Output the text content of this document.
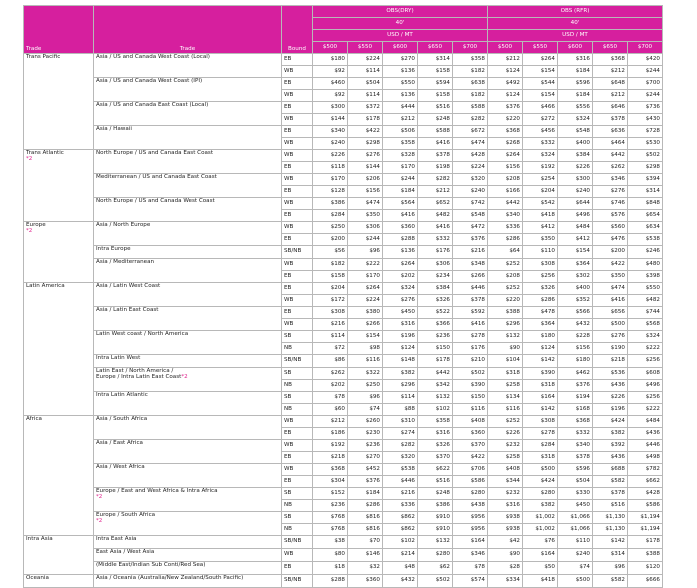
Trade	Trade	Bound	OBS(DRY)					OBS (RFR)				
			40'					40'				
			USD / MT					USD / MT				
			$500	$550	$600	$650	$700	$500	$550	$600	$650	$700

Trans Pacific	Asia / US and Canada West Coast (Local)	EB	$180	$224	$270	$314	$358	$212	$264	$316	$368	$420
		WB	$92	$114	$136	$158	$182	$124	$154	$184	$212	$244

	Asia / US and Canada West Coast (IPI)	EB	$460	$504	$550	$594	$638	$492	$544	$596	$648	$700
		WB	$92	$114	$136	$158	$182	$124	$154	$184	$212	$244

	Asia / US and Canada East Coast (Local)	EB	$300	$372	$444	$516	$588	$376	$466	$556	$646	$736
		WB	$144	$178	$212	$248	$282	$220	$272	$324	$378	$430

	Asia / Hawaii	EB	$340	$422	$506	$588	$672	$368	$456	$548	$636	$728
		WB	$240	$298	$358	$416	$474	$268	$332	$400	$464	$530

Trans Atlantic
*2	North Europe / US and Canada East Coast	WB	$226	$276	$328	$378	$428	$264	$324	$384	$442	$502
		EB	$118	$144	$170	$198	$224	$156	$192	$226	$262	$298

	Mediterranean / US and Canada East Coast	WB	$170	$206	$244	$282	$320	$208	$254	$300	$346	$394
		EB	$128	$156	$184	$212	$240	$166	$204	$240	$276	$314

	North Europe / US and Canada West Coast	WB	$386	$474	$564	$652	$742	$442	$542	$644	$746	$848
		EB	$284	$350	$416	$482	$548	$340	$418	$496	$576	$654

Europe
*2	Asia / North Europe	WB	$250	$306	$360	$416	$472	$336	$412	$484	$560	$634
		EB	$200	$244	$288	$332	$376	$286	$350	$412	$476	$538

	Intra Europe	SB/NB	$56	$96	$136	$176	$216	$64	$110	$154	$200	$246

	Asia / Mediterranean	WB	$182	$222	$264	$306	$348	$252	$308	$364	$422	$480
		EB	$158	$170	$202	$234	$266	$208	$256	$302	$350	$398

Latin America	Asia / Latin West Coast	EB	$204	$264	$324	$384	$446	$252	$326	$400	$474	$550
		WB	$172	$224	$276	$326	$378	$220	$286	$352	$416	$482

	Asia / Latin East Coast	EB	$308	$380	$450	$522	$592	$388	$478	$566	$656	$744
		WB	$216	$266	$316	$366	$416	$296	$364	$432	$500	$568

	Latin West coast / North America	SB	$114	$154	$196	$236	$278	$132	$180	$228	$276	$324
		NB	$72	$98	$124	$150	$176	$90	$124	$156	$190	$222

	Intra Latin West	SB/NB	$86	$116	$148	$178	$210	$104	$142	$180	$218	$256

	Latin East / North America /
Europe / Intra Latin East Coast*2	SB	$262	$322	$382	$442	$502	$318	$390	$462	$536	$608
		NB	$202	$250	$296	$342	$390	$258	$318	$376	$436	$496

	Intra Latin Atlantic	SB	$78	$96	$114	$132	$150	$134	$164	$194	$226	$256
		NB	$60	$74	$88	$102	$116	$116	$142	$168	$196	$222

Africa	Asia / South Africa	WB	$212	$260	$310	$358	$408	$252	$308	$368	$424	$484
		EB	$186	$230	$274	$316	$360	$226	$278	$332	$382	$436

	Asia / East Africa	WB	$192	$236	$282	$326	$370	$232	$284	$340	$392	$446
		EB	$218	$270	$320	$370	$422	$258	$318	$378	$436	$498

	Asia / West Africa	WB	$368	$452	$538	$622	$706	$408	$500	$596	$688	$782
		EB	$304	$376	$446	$516	$586	$344	$424	$504	$582	$662

	Europe / East and West Africa & Intra Africa
*2	SB	$152	$184	$216	$248	$280	$232	$280	$330	$378	$428
		NB	$236	$286	$336	$386	$438	$316	$382	$450	$516	$586

	Europe / South Africa
*2	SB	$768	$816	$862	$910	$956	$938	$1,002	$1,066	$1,130	$1,194
		NB	$768	$816	$862	$910	$956	$938	$1,002	$1,066	$1,130	$1,194

Intra Asia	Intra East Asia	SB/NB	$38	$70	$102	$132	$164	$42	$76	$110	$142	$178

	East Asia / West Asia	WB	$80	$146	$214	$280	$346	$90	$164	$240	$314	$388

	(Middle East/Indian Sub Conti/Red Sea)	EB	$18	$32	$48	$62	$78	$28	$50	$74	$96	$120

Oceania	Asia / Oceania (Australia/New Zealand/South Pacific)	SB/NB	$288	$360	$432	$502	$574	$334	$418	$500	$582	$666
